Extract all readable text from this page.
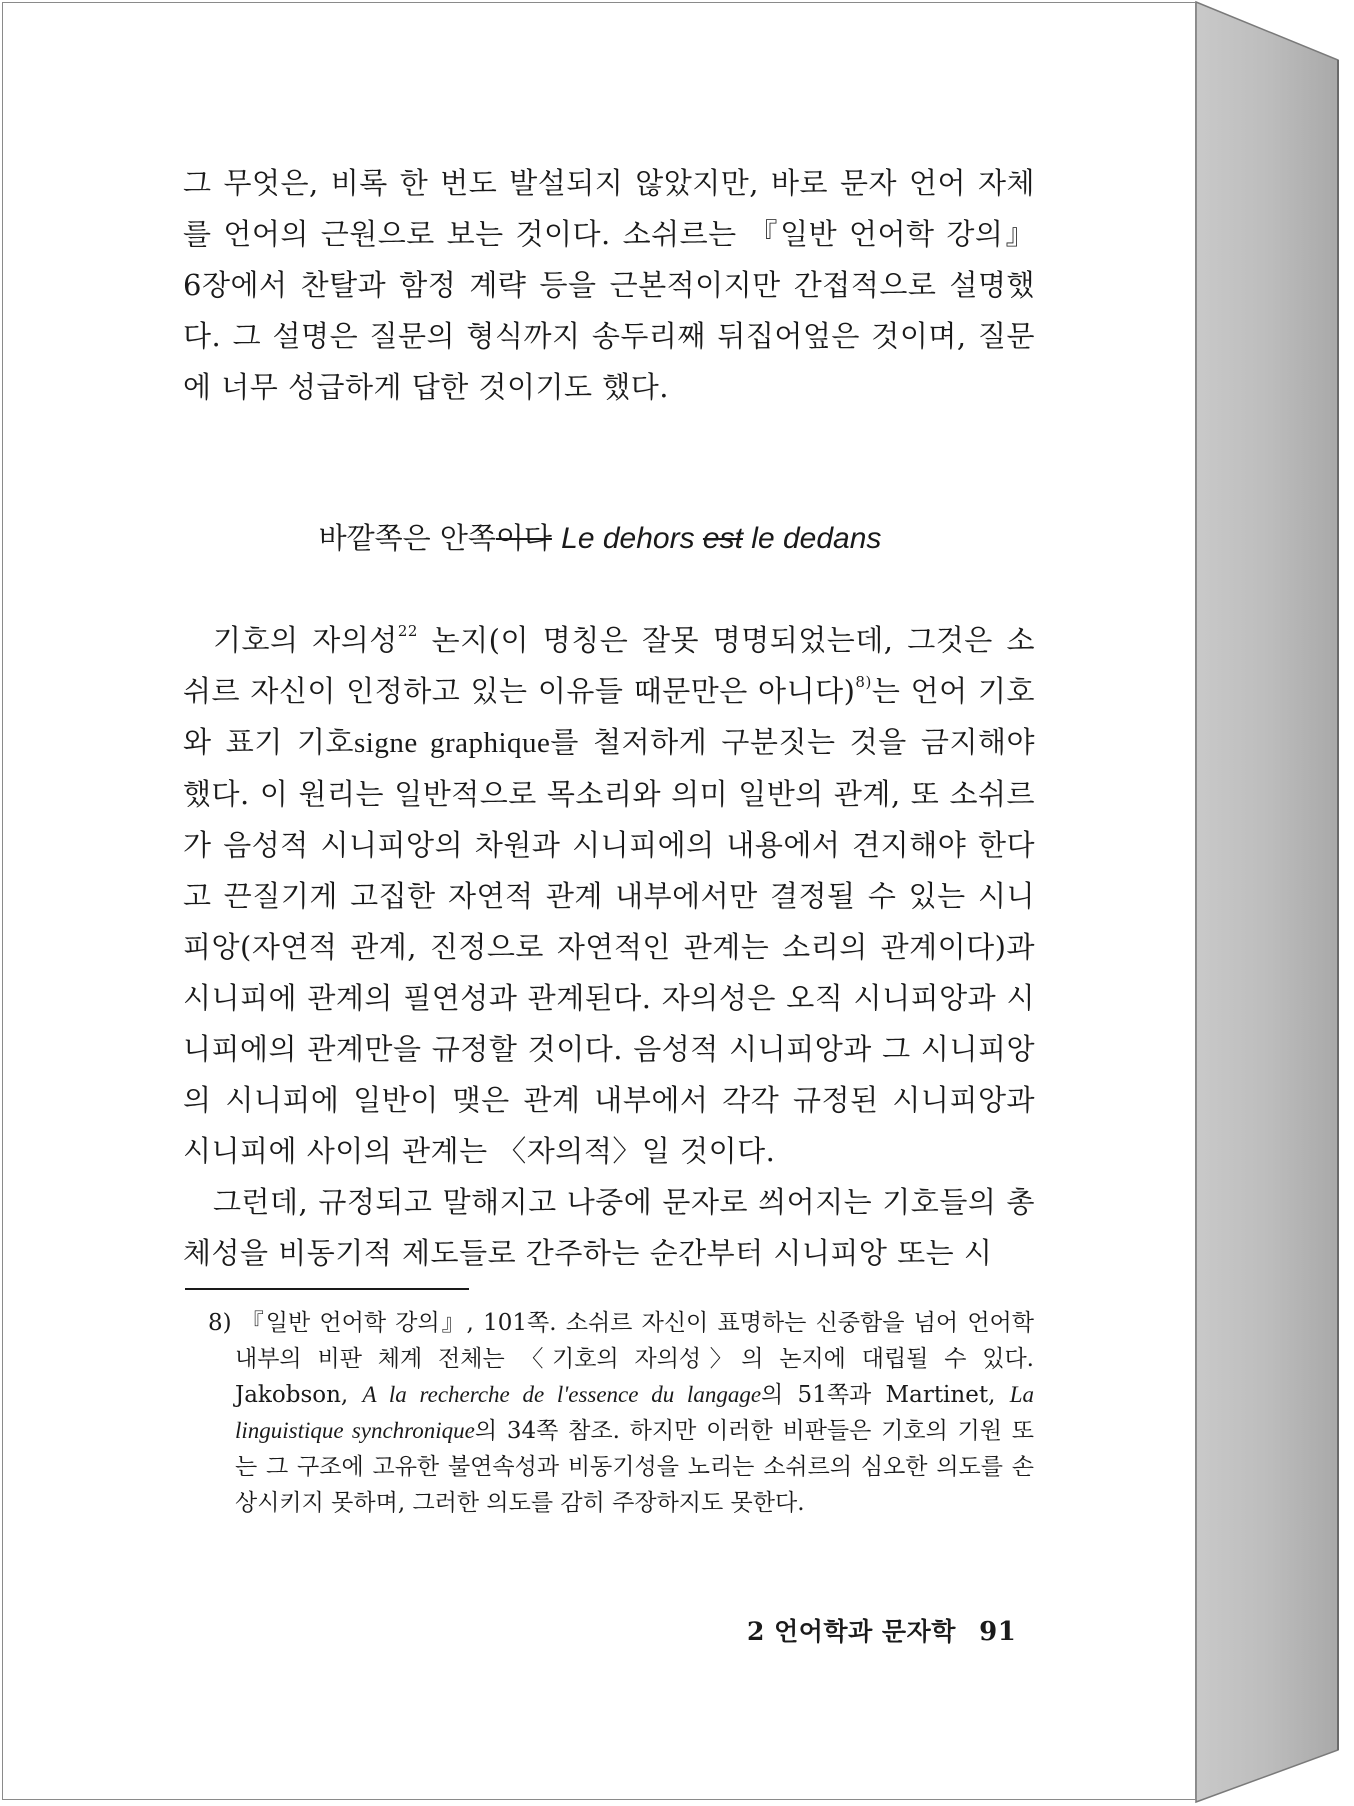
그 무엇은, 비록 한 번도 발설되지 않았지만, 바로 문자 언어 자체를 언어의 근원으로 보는 것이다. 소쉬르는 『일반 언어학 강의』 6장에서 찬탈과 함정 계략 등을 근본적이지만 간접적으로 설명했다. 그 설명은 질문의 형식까지 송두리째 뒤집어엎은 것이며, 질문에 너무 성급하게 답한 것이기도 했다.
바깥쪽은 안쪽이다 Le dehors est le dedans
기호의 자의성$^{22}$ 논지(이 명칭은 잘못 명명되었는데, 그것은 소쉬르 자신이 인정하고 있는 이유들 때문만은 아니다)$^{8)}$는 언어 기호와 표기 기호signe graphique를 철저하게 구분짓는 것을 금지해야 했다. 이 원리는 일반적으로 목소리와 의미 일반의 관계, 또 소쉬르가 음성적 시니피앙의 차원과 시니피에의 내용에서 견지해야 한다고 끈질기게 고집한 자연적 관계 내부에서만 결정될 수 있는 시니피앙(자연적 관계, 진정으로 자연적인 관계는 소리의 관계이다)과 시니피에 관계의 필연성과 관계된다. 자의성은 오직 시니피앙과 시니피에의 관계만을 규정할 것이다. 음성적 시니피앙과 그 시니피앙의 시니피에 일반이 맺은 관계 내부에서 각각 규정된 시니피앙과 시니피에 사이의 관계는 〈자의적〉일 것이다.
그런데, 규정되고 말해지고 나중에 문자로 씌어지는 기호들의 총체성을 비동기적 제도들로 간주하는 순간부터 시니피앙 또는 시
8) 『일반 언어학 강의』, 101쪽. 소쉬르 자신이 표명하는 신중함을 넘어 언어학 내부의 비판 체계 전체는 〈기호의 자의성〉의 논지에 대립될 수 있다. Jakobson, A la recherche de l'essence du langage의 51쪽과 Martinet, La linguistique synchronique의 34쪽 참조. 하지만 이러한 비판들은 기호의 기원 또는 그 구조에 고유한 불연속성과 비동기성을 노리는 소쉬르의 심오한 의도를 손상시키지 못하며, 그러한 의도를 감히 주장하지도 못한다.
2 언어학과 문자학 91
